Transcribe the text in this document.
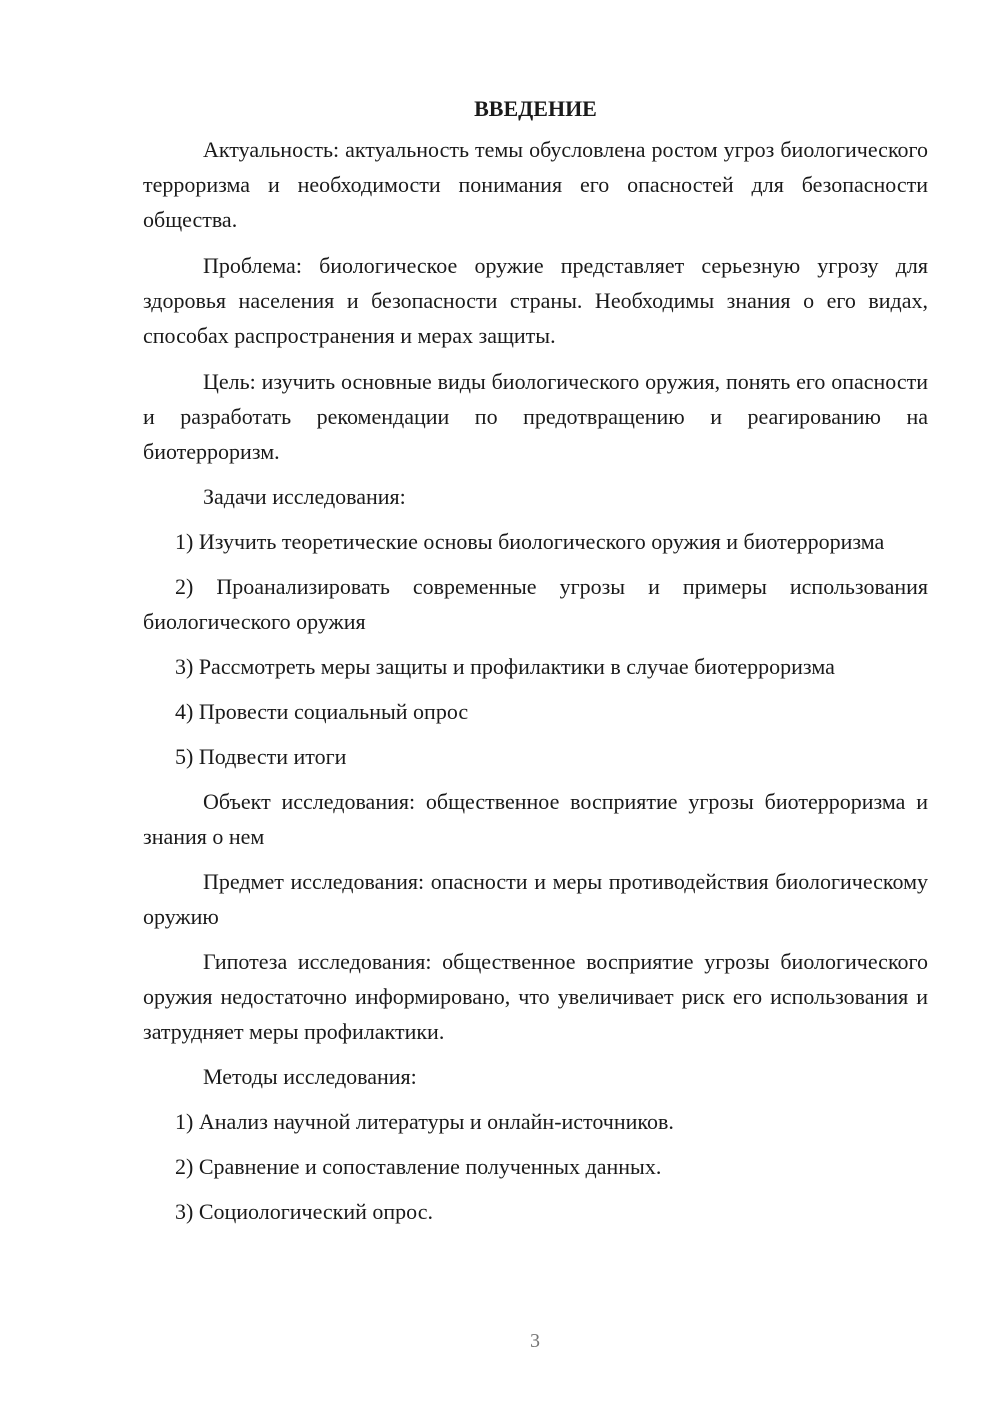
ВВЕДЕНИЕ

Актуальность: актуальность темы обусловлена ростом угроз биологического терроризма и необходимости понимания его опасностей для безопасности общества.

Проблема: биологическое оружие представляет серьезную угрозу для здоровья населения и безопасности страны. Необходимы знания о его видах, способах распространения и мерах защиты.

Цель: изучить основные виды биологического оружия, понять его опасности и разработать рекомендации по предотвращению и реагированию на биотерроризм.

Задачи исследования:

1) Изучить теоретические основы биологического оружия и биотерроризма

2) Проанализировать современные угрозы и примеры использования биологического оружия

3) Рассмотреть меры защиты и профилактики в случае биотерроризма

4) Провести социальный опрос

5) Подвести итоги

Объект исследования: общественное восприятие угрозы биотерроризма и знания о нем

Предмет исследования: опасности и меры противодействия биологическому оружию

Гипотеза исследования: общественное восприятие угрозы биологического оружия недостаточно информировано, что увеличивает риск его использования и затрудняет меры профилактики.

Методы исследования:

1) Анализ научной литературы и онлайн-источников.

2) Сравнение и сопоставление полученных данных.

3) Социологический опрос.

3
